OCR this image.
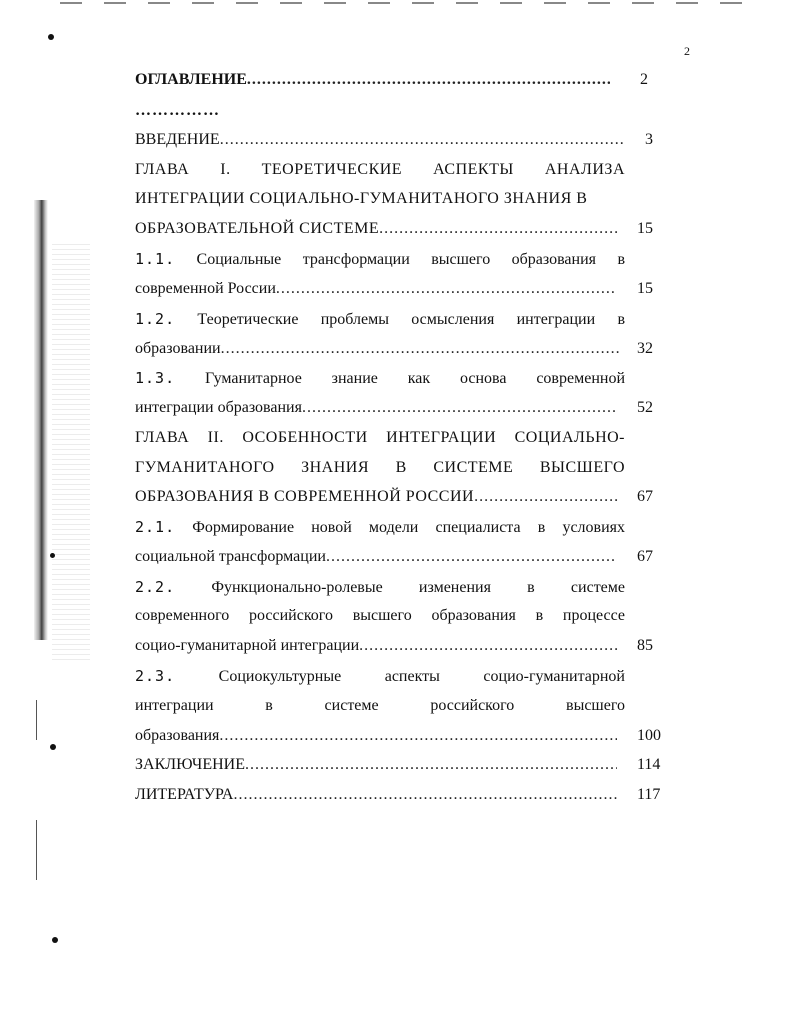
2
ОГЛАВЛЕНИЕ .....	2
……………
ВВЕДЕНИЕ .....	3
ГЛАВА I. ТЕОРЕТИЧЕСКИЕ АСПЕКТЫ АНАЛИЗА
ИНТЕГРАЦИИ СОЦИАЛЬНО-ГУМАНИТАНОГО ЗНАНИЯ В
ОБРАЗОВАТЕЛЬНОЙ СИСТЕМЕ .....	15
1.1. Социальные трансформации высшего образования в
современной России .....	15
1.2. Теоретические проблемы осмысления интеграции в
образовании .....	32
1.3. Гуманитарное знание как основа современной
интеграции образования .....	52
ГЛАВА II. ОСОБЕННОСТИ ИНТЕГРАЦИИ СОЦИАЛЬНО-
ГУМАНИТАНОГО ЗНАНИЯ В СИСТЕМЕ ВЫСШЕГО
ОБРАЗОВАНИЯ В СОВРЕМЕННОЙ РОССИИ .....	67
2.1. Формирование новой модели специалиста в условиях
социальной трансформации .....	67
2.2. Функционально-ролевые изменения в системе
современного российского высшего образования в процессе
социо-гуманитарной интеграции .....	85
2.3.	Социокультурные аспекты социо-гуманитарной
интеграции в системе российского высшего
образования .....	100
ЗАКЛЮЧЕНИЕ .....	114
ЛИТЕРАТУРА .....	117
